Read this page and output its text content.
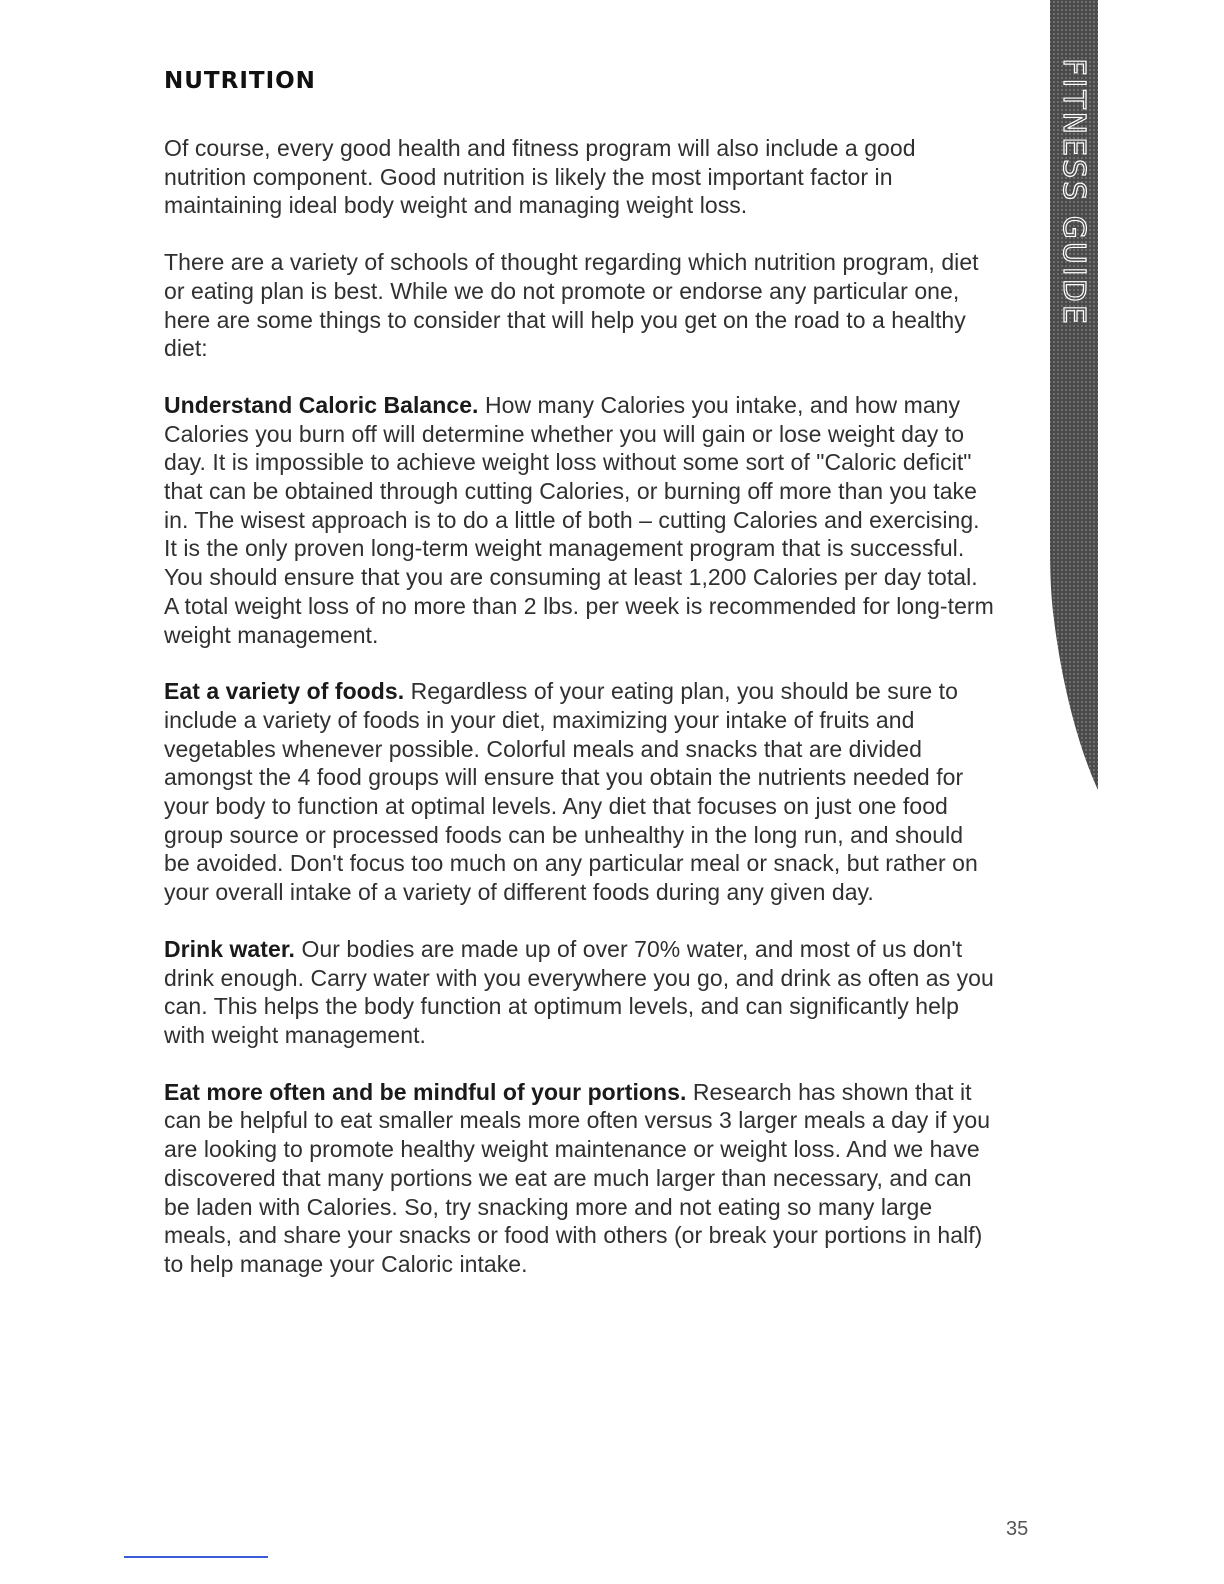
FITNESS GUIDE
NUTRITION

Of course, every good health and fitness program will also include a good nutrition component. Good nutrition is likely the most important factor in maintaining ideal body weight and managing weight loss.

There are a variety of schools of thought regarding which nutrition program, diet or eating plan is best. While we do not promote or endorse any particular one, here are some things to consider that will help you get on the road to a healthy diet:

Understand Caloric Balance. How many Calories you intake, and how many Calories you burn off will determine whether you will gain or lose weight day to day. It is impossible to achieve weight loss without some sort of "Caloric deficit" that can be obtained through cutting Calories, or burning off more than you take in. The wisest approach is to do a little of both – cutting Calories and exercising. It is the only proven long-term weight management program that is successful. You should ensure that you are consuming at least 1,200 Calories per day total. A total weight loss of no more than 2 lbs. per week is recommended for long-term weight management.

Eat a variety of foods. Regardless of your eating plan, you should be sure to include a variety of foods in your diet, maximizing your intake of fruits and vegetables whenever possible. Colorful meals and snacks that are divided amongst the 4 food groups will ensure that you obtain the nutrients needed for your body to function at optimal levels. Any diet that focuses on just one food group source or processed foods can be unhealthy in the long run, and should be avoided. Don't focus too much on any particular meal or snack, but rather on your overall intake of a variety of different foods during any given day.

Drink water. Our bodies are made up of over 70% water, and most of us don't drink enough. Carry water with you everywhere you go, and drink as often as you can. This helps the body function at optimum levels, and can significantly help with weight management.

Eat more often and be mindful of your portions. Research has shown that it can be helpful to eat smaller meals more often versus 3 larger meals a day if you are looking to promote healthy weight maintenance or weight loss. And we have discovered that many portions we eat are much larger than necessary, and can be laden with Calories. So, try snacking more and not eating so many large meals, and share your snacks or food with others (or break your portions in half) to help manage your Caloric intake.

35
